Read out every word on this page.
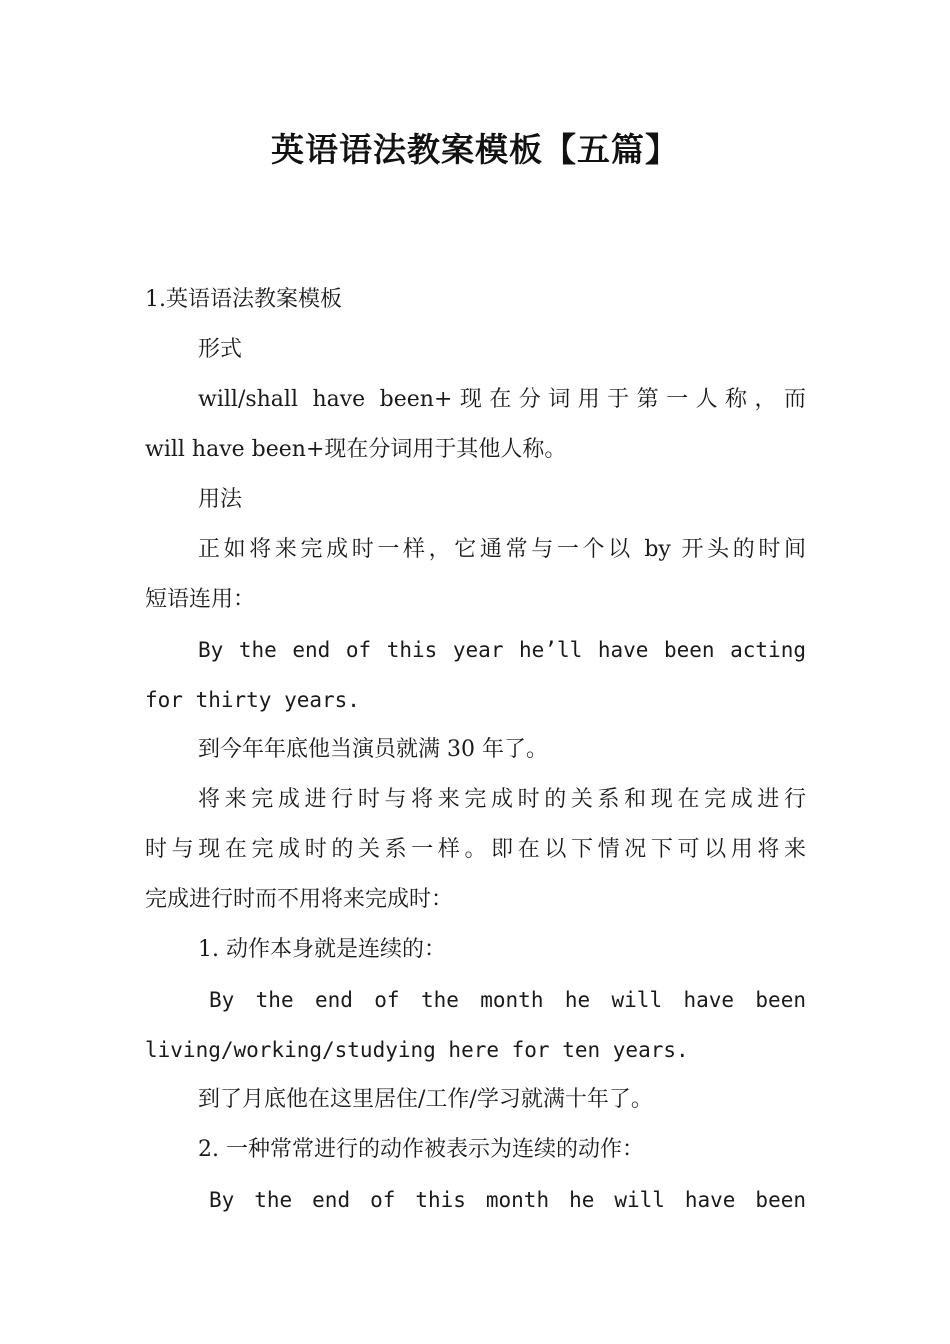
英语语法教案模板【五篇】
1.英语语法教案模板
形式
will/shall have been+现在分词用于第一人称，而
will have been+现在分词用于其他人称。
用法
正如将来完成时一样，它通常与一个以 by 开头的时间
短语连用：
By the end of this year he’ll have been acting
for thirty years.
到今年年底他当演员就满 30 年了。
将来完成进行时与将来完成时的关系和现在完成进行
时与现在完成时的关系一样。即在以下情况下可以用将来
完成进行时而不用将来完成时：
1. 动作本身就是连续的：
By the end of the month he will have been
living/working/studying here for ten years.
到了月底他在这里居住/工作/学习就满十年了。
2. 一种常常进行的动作被表示为连续的动作：
By the end of this month he will have been
